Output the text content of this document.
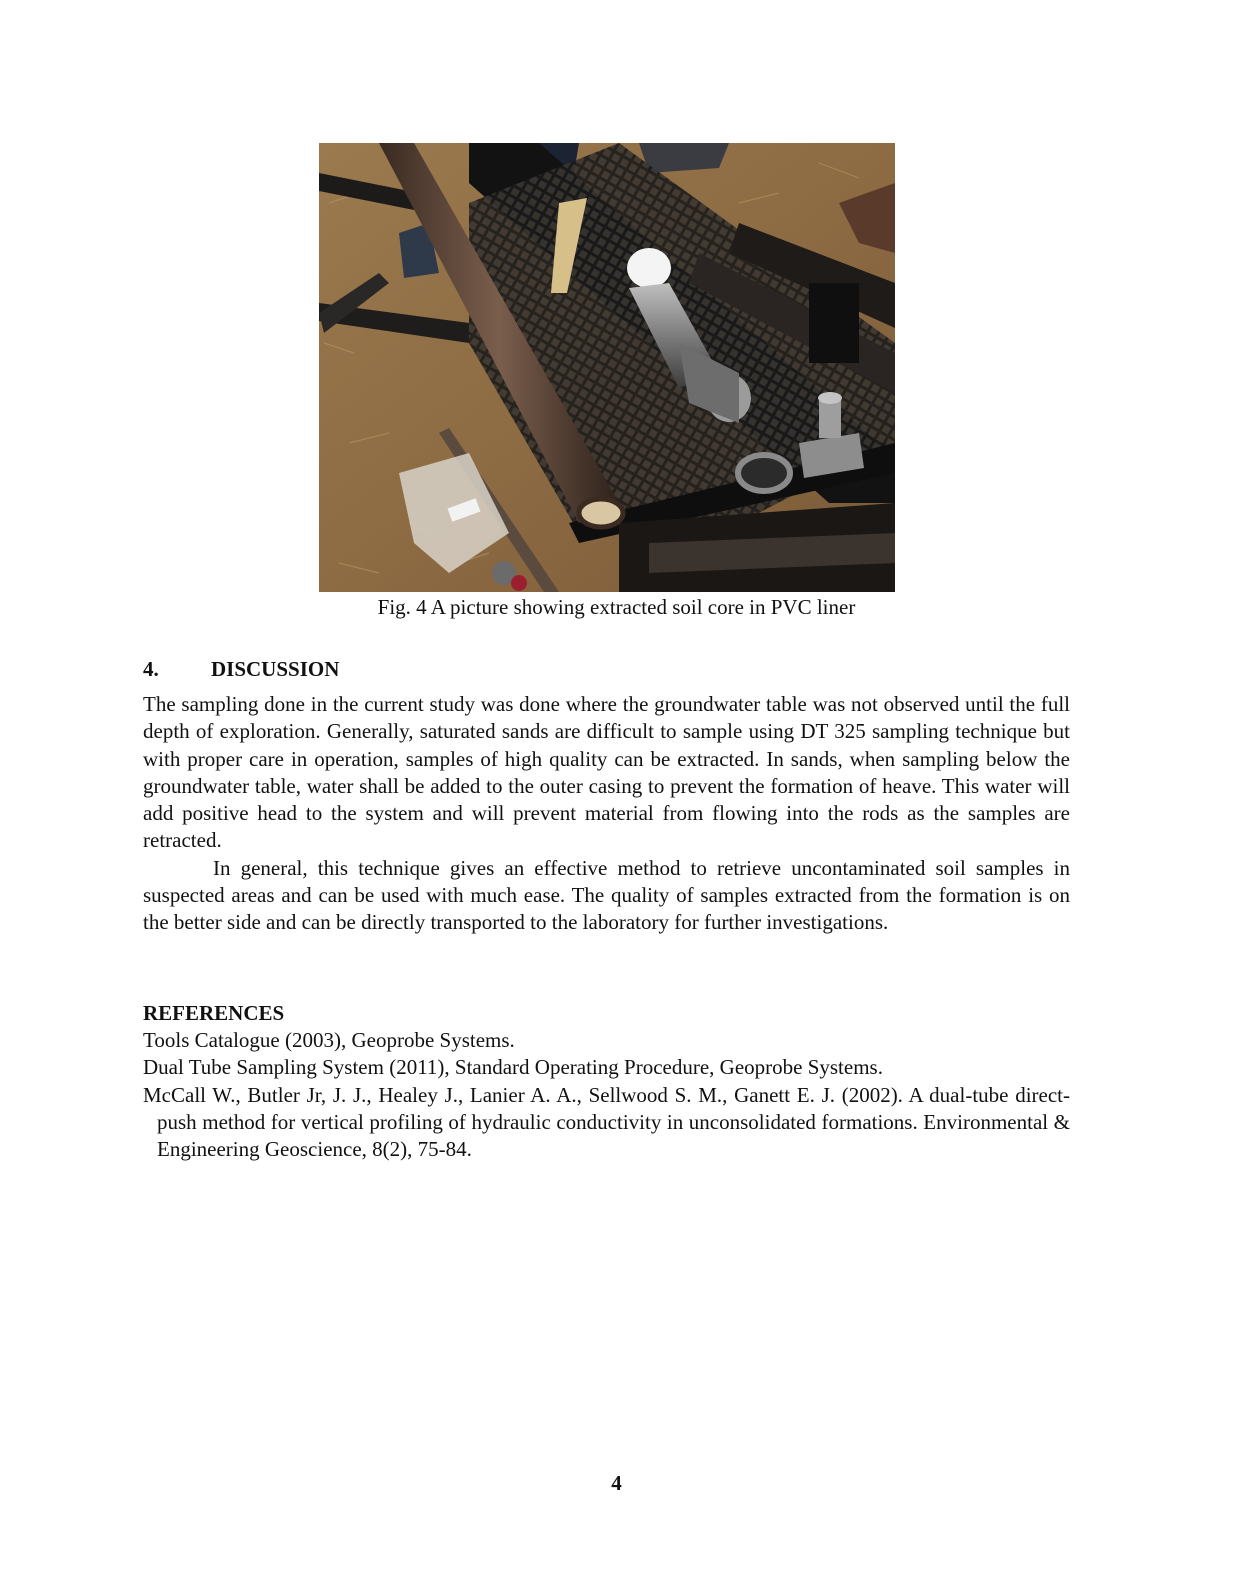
Fig. 4 A picture showing extracted soil core in PVC liner
4. DISCUSSION

The sampling done in the current study was done where the groundwater table was not observed until the full depth of exploration. Generally, saturated sands are difficult to sample using DT 325 sampling technique but with proper care in operation, samples of high quality can be extracted. In sands, when sampling below the groundwater table, water shall be added to the outer casing to prevent the formation of heave. This water will add positive head to the system and will prevent material from flowing into the rods as the samples are retracted.

In general, this technique gives an effective method to retrieve uncontaminated soil samples in suspected areas and can be used with much ease. The quality of samples extracted from the formation is on the better side and can be directly transported to the laboratory for further investigations.

REFERENCES

Tools Catalogue (2003), Geoprobe Systems.

Dual Tube Sampling System (2011), Standard Operating Procedure, Geoprobe Systems.

McCall W., Butler Jr, J. J., Healey J., Lanier A. A., Sellwood S. M., Ganett E. J. (2002). A dual-tube direct-push method for vertical profiling of hydraulic conductivity in unconsolidated formations. Environmental & Engineering Geoscience, 8(2), 75-84.

4
